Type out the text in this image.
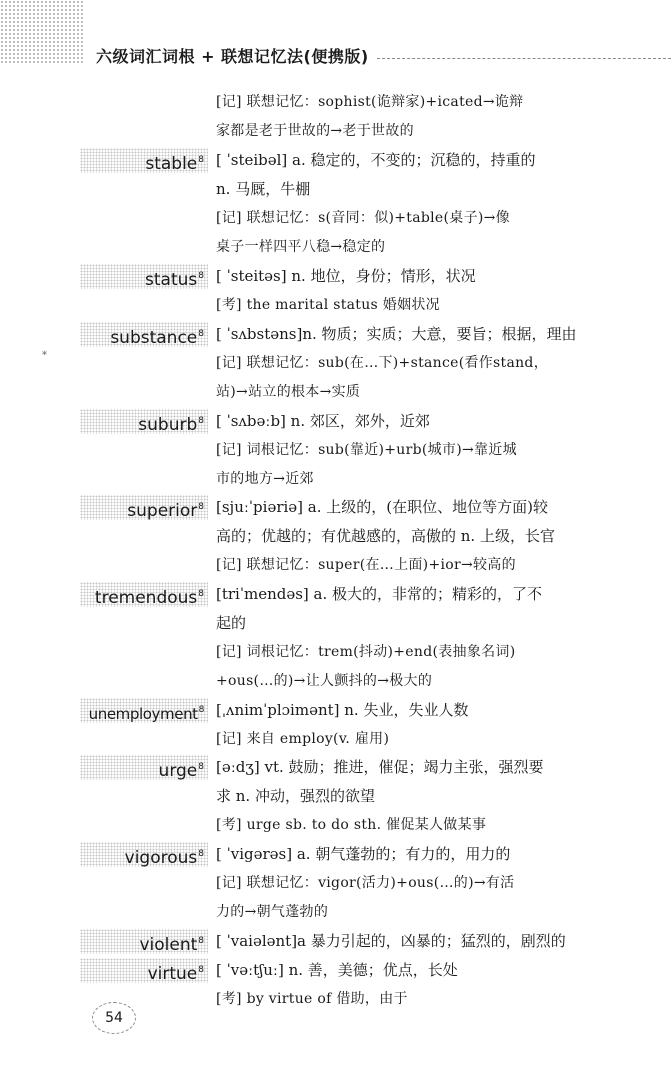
六级词汇词根 + 联想记忆法(便携版)
*
[记] 联想记忆：sophist(诡辩家)+icated→诡辩
家都是老于世故的→老于世故的
stable$^8$ [ ˈsteibəl] a. 稳定的，不变的；沉稳的，持重的
n. 马厩，牛棚
[记] 联想记忆：s(音同：似)+table(桌子)→像
桌子一样四平八稳→稳定的
status$^8$ [ ˈsteitəs] n. 地位，身份；情形，状况
[考] the marital status 婚姻状况
substance$^8$ [ ˈsʌbstəns]n. 物质；实质；大意，要旨；根据，理由
[记] 联想记忆：sub(在…下)+stance(看作stand，
站)→站立的根本→实质
suburb$^8$ [ ˈsʌbəːb] n. 郊区，郊外，近郊
[记] 词根记忆：sub(靠近)+urb(城市)→靠近城
市的地方→近郊
superior$^8$ [sjuːˈpiəriə] a. 上级的，(在职位、地位等方面)较
高的；优越的；有优越感的，高傲的 n. 上级，长官
[记] 联想记忆：super(在…上面)+ior→较高的
tremendous$^8$ [triˈmendəs] a. 极大的，非常的；精彩的，了不
起的
[记] 词根记忆：trem(抖动)+end(表抽象名词)
+ous(…的)→让人颤抖的→极大的
unemployment$^8$ [ˌʌnimˈplɔimənt] n. 失业，失业人数
[记] 来自 employ(v. 雇用)
urge$^8$ [əːdʒ] vt. 鼓励；推进，催促；竭力主张，强烈要
求 n. 冲动，强烈的欲望
[考] urge sb. to do sth. 催促某人做某事
vigorous$^8$ [ ˈvigərəs] a. 朝气蓬勃的；有力的，用力的
[记] 联想记忆：vigor(活力)+ous(…的)→有活
力的→朝气蓬勃的
violent$^8$ [ ˈvaiələnt]a 暴力引起的，凶暴的；猛烈的，剧烈的
virtue$^8$ [ ˈvəːtʃuː] n. 善，美德；优点，长处
[考] by virtue of 借助，由于
54
